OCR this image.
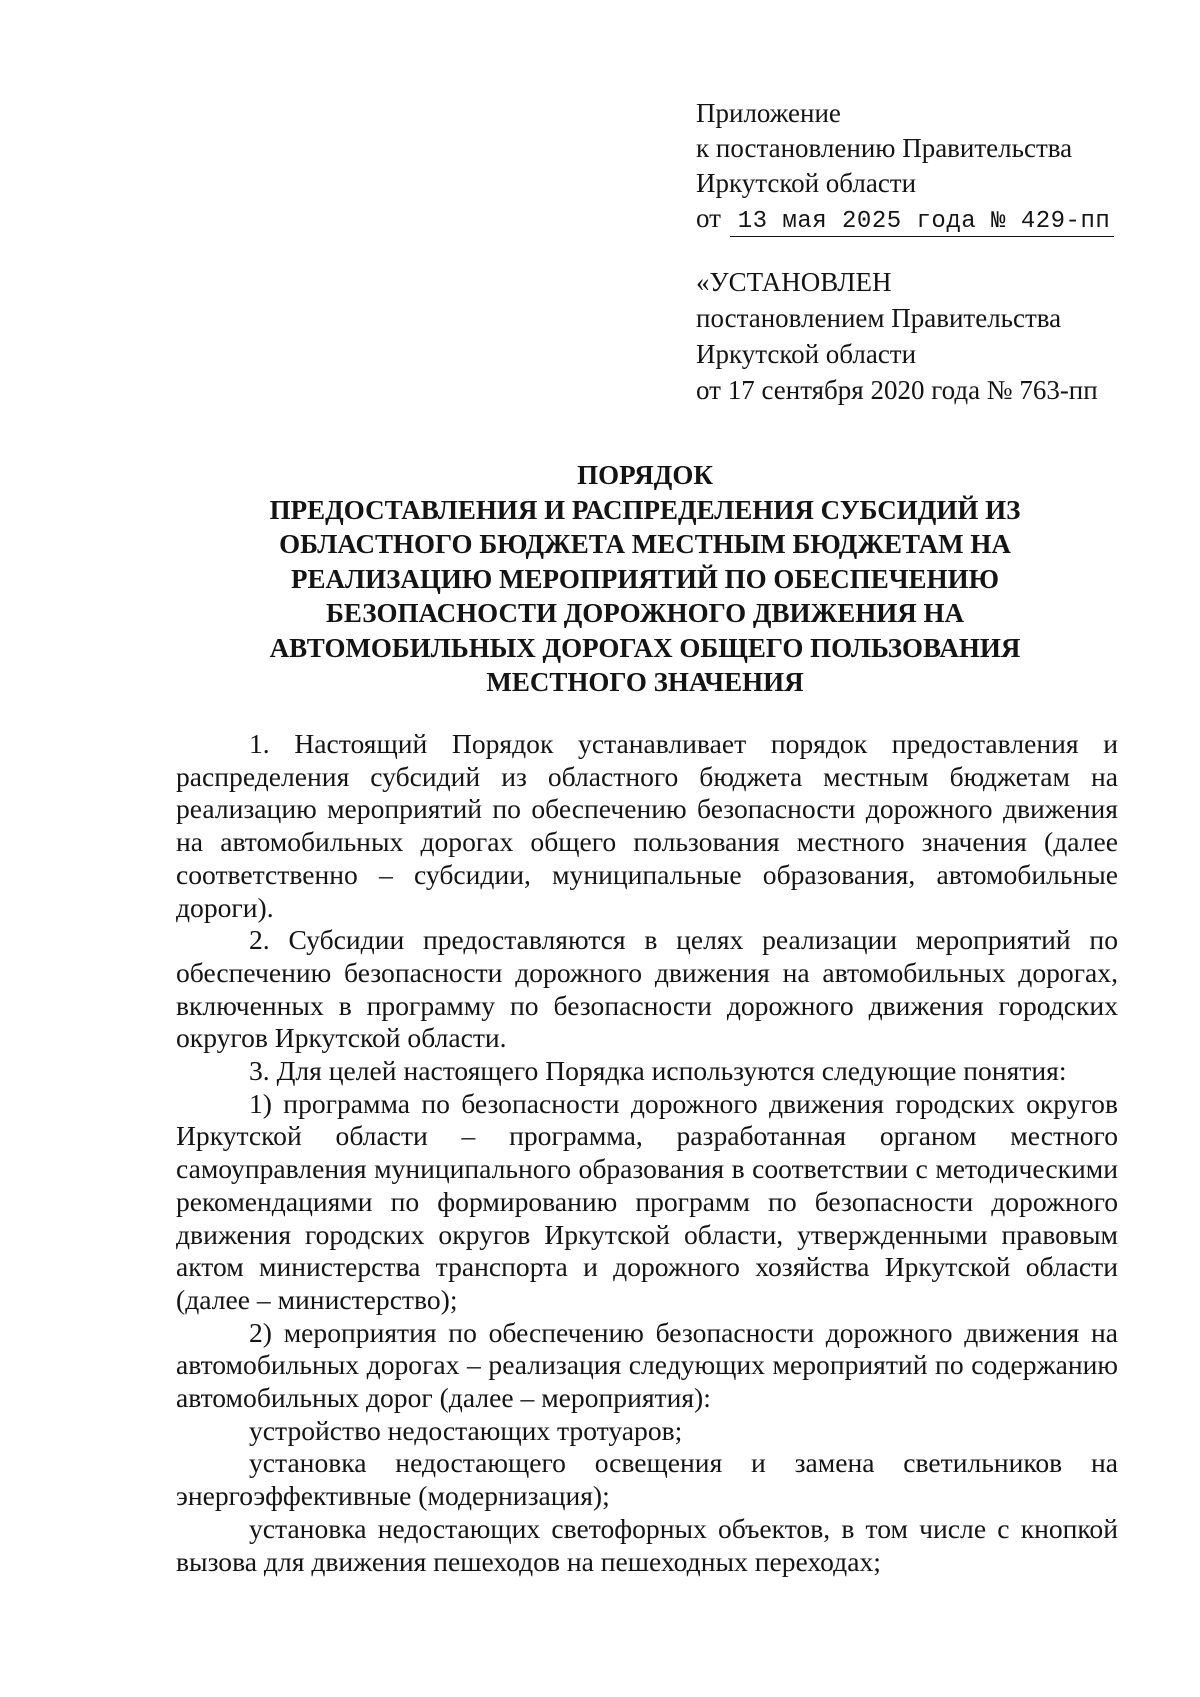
Приложение
к постановлению Правительства
Иркутской области
от 13 мая 2025 года № 429-пп
«УСТАНОВЛЕН
постановлением Правительства
Иркутской области
от 17 сентября 2020 года № 763-пп
ПОРЯДОК
ПРЕДОСТАВЛЕНИЯ И РАСПРЕДЕЛЕНИЯ СУБСИДИЙ ИЗ
ОБЛАСТНОГО БЮДЖЕТА МЕСТНЫМ БЮДЖЕТАМ НА
РЕАЛИЗАЦИЮ МЕРОПРИЯТИЙ ПО ОБЕСПЕЧЕНИЮ
БЕЗОПАСНОСТИ ДОРОЖНОГО ДВИЖЕНИЯ НА
АВТОМОБИЛЬНЫХ ДОРОГАХ ОБЩЕГО ПОЛЬЗОВАНИЯ
МЕСТНОГО ЗНАЧЕНИЯ

1. Настоящий Порядок устанавливает порядок предоставления и распределения субсидий из областного бюджета местным бюджетам на реализацию мероприятий по обеспечению безопасности дорожного движения на автомобильных дорогах общего пользования местного значения (далее соответственно – субсидии, муниципальные образования, автомобильные дороги).

2. Субсидии предоставляются в целях реализации мероприятий по обеспечению безопасности дорожного движения на автомобильных дорогах, включенных в программу по безопасности дорожного движения городских округов Иркутской области.

3. Для целей настоящего Порядка используются следующие понятия:

1) программа по безопасности дорожного движения городских округов Иркутской области – программа, разработанная органом местного самоуправления муниципального образования в соответствии с методическими рекомендациями по формированию программ по безопасности дорожного движения городских округов Иркутской области, утвержденными правовым актом министерства транспорта и дорожного хозяйства Иркутской области (далее – министерство);

2) мероприятия по обеспечению безопасности дорожного движения на автомобильных дорогах – реализация следующих мероприятий по содержанию автомобильных дорог (далее – мероприятия):

устройство недостающих тротуаров;

установка недостающего освещения и замена светильников на энергоэффективные (модернизация);

установка недостающих светофорных объектов, в том числе с кнопкой вызова для движения пешеходов на пешеходных переходах;
